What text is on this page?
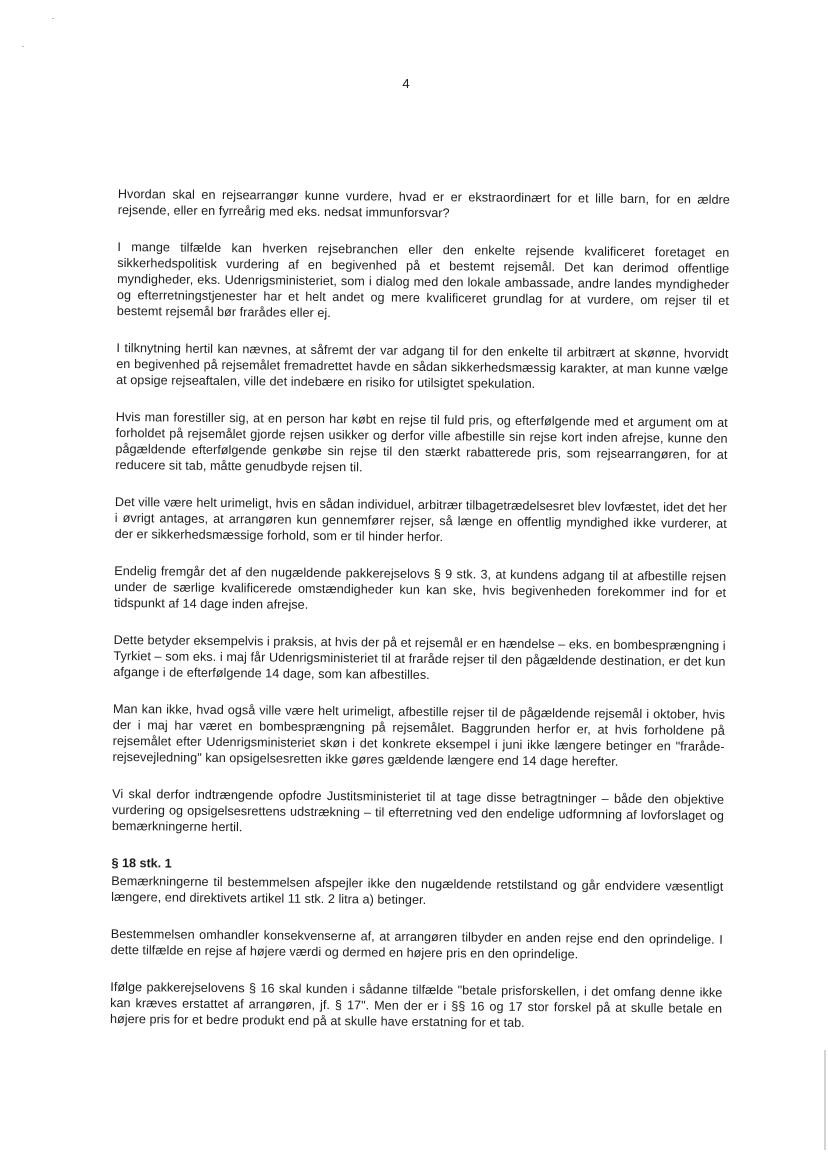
4

Hvordan skal en rejsearrangør kunne vurdere, hvad er er ekstraordinært for et lille barn, for en ældre rejsende, eller en fyrreårig med eks. nedsat immunforsvar?

I mange tilfælde kan hverken rejsebranchen eller den enkelte rejsende kvalificeret foretaget en sikkerhedspolitisk vurdering af en begivenhed på et bestemt rejsemål. Det kan derimod offentlige myndigheder, eks. Udenrigsministeriet, som i dialog med den lokale ambassade, andre landes myndigheder og efterretningstjenester har et helt andet og mere kvalificeret grundlag for at vurdere, om rejser til et bestemt rejsemål bør frarådes eller ej.

I tilknytning hertil kan nævnes, at såfremt der var adgang til for den enkelte til arbitrært at skønne, hvorvidt en begivenhed på rejsemålet fremadrettet havde en sådan sikkerhedsmæssig karakter, at man kunne vælge at opsige rejseaftalen, ville det indebære en risiko for utilsigtet spekulation.

Hvis man forestiller sig, at en person har købt en rejse til fuld pris, og efterfølgende med et argument om at forholdet på rejsemålet gjorde rejsen usikker og derfor ville afbestille sin rejse kort inden afrejse, kunne den pågældende efterfølgende genkøbe sin rejse til den stærkt rabatterede pris, som rejsearrangøren, for at reducere sit tab, måtte genudbyde rejsen til.

Det ville være helt urimeligt, hvis en sådan individuel, arbitrær tilbagetrædelsesret blev lovfæstet, idet det her i øvrigt antages, at arrangøren kun gennemfører rejser, så længe en offentlig myndighed ikke vurderer, at der er sikkerhedsmæssige forhold, som er til hinder herfor.

Endelig fremgår det af den nugældende pakkerejselovs § 9 stk. 3, at kundens adgang til at afbestille rejsen under de særlige kvalificerede omstændigheder kun kan ske, hvis begivenheden forekommer ind for et tidspunkt af 14 dage inden afrejse.

Dette betyder eksempelvis i praksis, at hvis der på et rejsemål er en hændelse – eks. en bombesprængning i Tyrkiet – som eks. i maj får Udenrigsministeriet til at fraråde rejser til den pågældende destination, er det kun afgange i de efterfølgende 14 dage, som kan afbestilles.

Man kan ikke, hvad også ville være helt urimeligt, afbestille rejser til de pågældende rejsemål i oktober, hvis der i maj har været en bombesprængning på rejsemålet. Baggrunden herfor er, at hvis forholdene på rejsemålet efter Udenrigsministeriet skøn i det konkrete eksempel i juni ikke længere betinger en "fraråde-rejsevejledning" kan opsigelsesretten ikke gøres gældende længere end 14 dage herefter.

Vi skal derfor indtrængende opfodre Justitsministeriet til at tage disse betragtninger – både den objektive vurdering og opsigelsesrettens udstrækning – til efterretning ved den endelige udformning af lovforslaget og bemærkningerne hertil.

§ 18 stk. 1

Bemærkningerne til bestemmelsen afspejler ikke den nugældende retstilstand og går endvidere væsentligt længere, end direktivets artikel 11 stk. 2 litra a) betinger.

Bestemmelsen omhandler konsekvenserne af, at arrangøren tilbyder en anden rejse end den oprindelige. I dette tilfælde en rejse af højere værdi og dermed en højere pris en den oprindelige.

Ifølge pakkerejselovens § 16 skal kunden i sådanne tilfælde "betale prisforskellen, i det omfang denne ikke kan kræves erstattet af arrangøren, jf. § 17". Men der er i §§ 16 og 17 stor forskel på at skulle betale en højere pris for et bedre produkt end på at skulle have erstatning for et tab.
